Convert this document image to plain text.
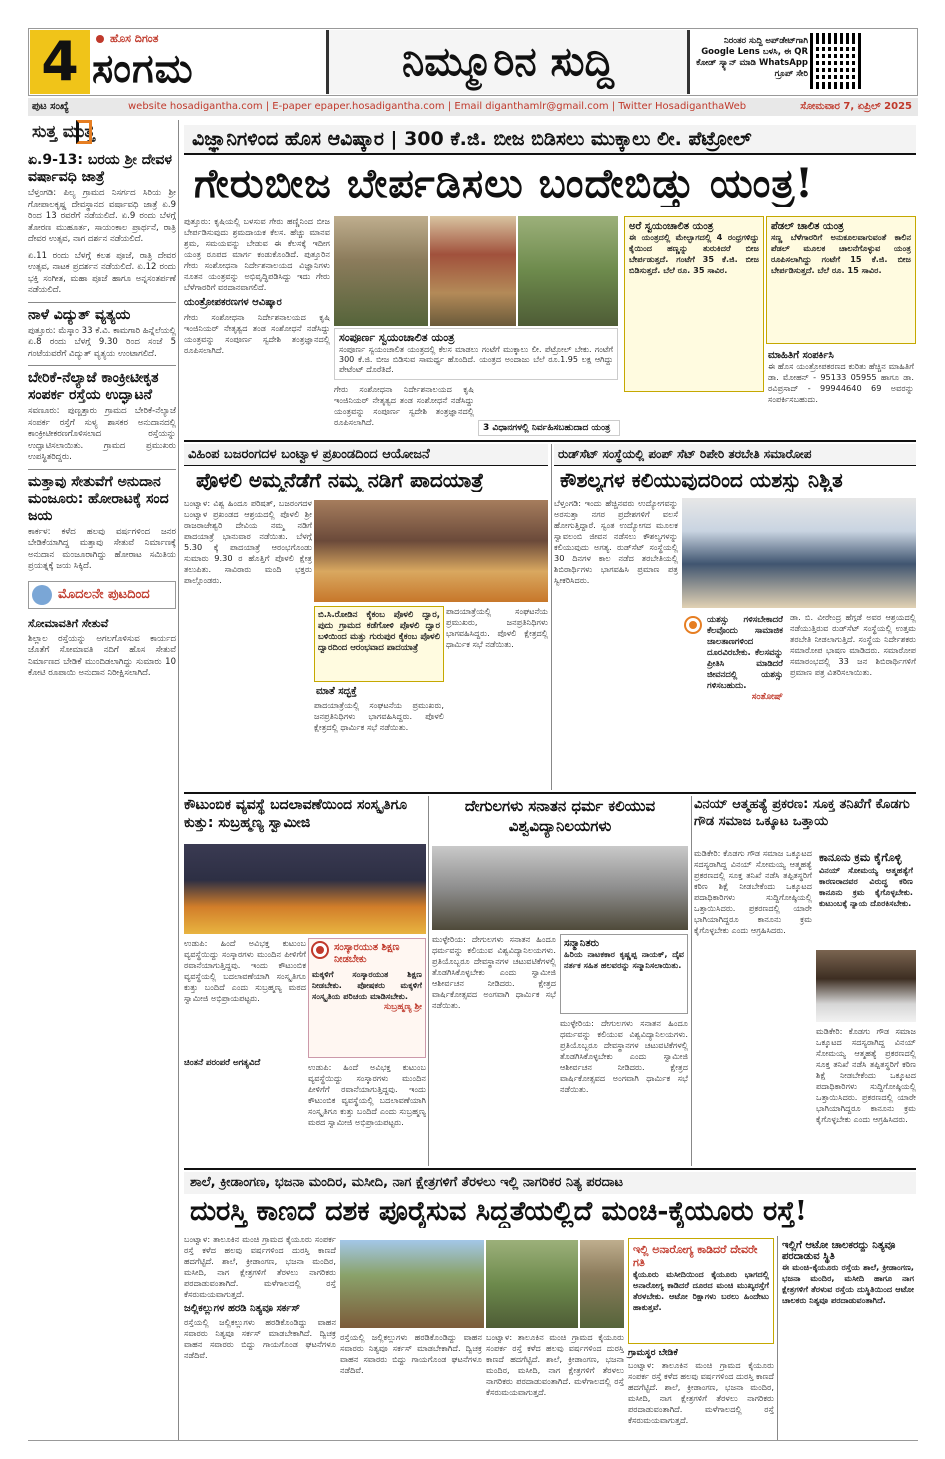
4	ಹೊಸ ದಿಗಂತ
ಸಂಗಮ	ನಿಮ್ಮೂರಿನ ಸುದ್ದಿ	ನಿರಂತರ ಸುದ್ದಿ ಅಪ್‌ಡೇಟ್‌ಗಾಗಿ Google Lens ಬಳಸಿ, ಈ QR ಕೋಡ್ ಸ್ಕ್ಯಾನ್ ಮಾಡಿ WhatsApp ಗ್ರೂಪ್ ಸೇರಿ
ಪುಟ ಸಂಖ್ಯೆ	website hosadigantha.com | E-paper epaper.hosadigantha.com | Email diganthamlr@gmail.com | Twitter HosadiganthaWeb	ಸೋಮವಾರ 7, ಏಪ್ರಿಲ್ 2025
ಸುತ್ತ ಮುತ್ತ
ಏ.9-13: ಬರಯ ಶ್ರೀ ದೇವಳ ವರ್ಷಾವಧಿ ಜಾತ್ರೆ
ಬೆಳ್ತಂಗಡಿ: ಪಿಲ್ಯ ಗ್ರಾಮದ ನಿಸರ್ಗದ ಸಿರಿಯ ಶ್ರೀ ಗೋಪಾಲಕೃಷ್ಣ ದೇವಸ್ಥಾನದ ವರ್ಷಾವಧಿ ಜಾತ್ರೆ ಏ.9 ರಿಂದ 13 ರವರೆಗೆ ನಡೆಯಲಿದೆ. ಏ.9 ರಂದು ಬೆಳಗ್ಗೆ ತೋರಣ ಮುಹೂರ್ತ, ಸಾಯಂಕಾಲ ಪ್ರಾರ್ಥನೆ, ರಾತ್ರಿ ದೇವರ ಉತ್ಸವ, ನಾಗ ದರ್ಶನ ನಡೆಯಲಿದೆ.
ಏ.11 ರಂದು ಬೆಳಗ್ಗೆ ಕಲಶ ಪೂಜೆ, ರಾತ್ರಿ ದೇವರ ಉತ್ಸವ, ನಾಟಕ ಪ್ರದರ್ಶನ ನಡೆಯಲಿದೆ. ಏ.12 ರಂದು ಭಕ್ತಿ ಸಂಗೀತ, ಮಹಾ ಪೂಜೆ ಹಾಗೂ ಅನ್ನಸಂತರ್ಪಣೆ ನಡೆಯಲಿದೆ.
ನಾಳೆ ವಿದ್ಯುತ್ ವ್ಯತ್ಯಯ
ಪುತ್ತೂರು: ಮೆಸ್ಕಾಂ 33 ಕೆ.ವಿ. ಕಾಮಗಾರಿ ಹಿನ್ನೆಲೆಯಲ್ಲಿ ಏ.8 ರಂದು ಬೆಳಗ್ಗೆ 9.30 ರಿಂದ ಸಂಜೆ 5 ಗಂಟೆಯವರೆಗೆ ವಿದ್ಯುತ್ ವ್ಯತ್ಯಯ ಉಂಟಾಗಲಿದೆ.
ಬೇರಿಕೆ-ನೆಲ್ಯಾಜೆ ಕಾಂಕ್ರೀಟೀಕೃತ ಸಂಪರ್ಕ ರಸ್ತೆಯ ಉದ್ಘಾಟನೆ
ಸವಣೂರು: ಪುಣ್ಚತ್ತಾರು ಗ್ರಾಮದ ಬೇರಿಕೆ-ನೆಲ್ಯಾಜೆ ಸಂಪರ್ಕ ರಸ್ತೆಗೆ ಸುಳ್ಯ ಶಾಸಕರ ಅನುದಾನದಲ್ಲಿ ಕಾಂಕ್ರೀಟೀಕರಣಗೊಳಿಸಲಾದ ರಸ್ತೆಯನ್ನು ಉದ್ಘಾಟಿಸಲಾಯಿತು. ಗ್ರಾಮದ ಪ್ರಮುಖರು ಉಪಸ್ಥಿತರಿದ್ದರು.
ಮತ್ತಾವು ಸೇತುವೆಗೆ ಅನುದಾನ ಮಂಜೂರು: ಹೋರಾಟಕ್ಕೆ ಸಂದ ಜಯ
ಕಾರ್ಕಳ: ಕಳೆದ ಹಲವು ವರ್ಷಗಳಿಂದ ಜನರ ಬೇಡಿಕೆಯಾಗಿದ್ದ ಮತ್ತಾವು ಸೇತುವೆ ನಿರ್ಮಾಣಕ್ಕೆ ಅನುದಾನ ಮಂಜೂರಾಗಿದ್ದು ಹೋರಾಟ ಸಮಿತಿಯ ಪ್ರಯತ್ನಕ್ಕೆ ಜಯ ಸಿಕ್ಕಿದೆ.
ಮೊದಲನೇ ಪುಟದಿಂದ
ಸೋಮಾವತಿಗೆ ಸೇತುವೆ
ಶಿಲ್ಲಾಲ ರಸ್ತೆಯನ್ನು ಅಗಲಗೊಳಿಸುವ ಕಾರ್ಯದ ಜೊತೆಗೆ ಸೋಮಾವತಿ ನದಿಗೆ ಹೊಸ ಸೇತುವೆ ನಿರ್ಮಾಣದ ಬೇಡಿಕೆ ಮುಂದಿಡಲಾಗಿದ್ದು ಸುಮಾರು 10 ಕೋಟಿ ರೂಪಾಯಿ ಅನುದಾನ ನಿರೀಕ್ಷಿಸಲಾಗಿದೆ.
ವಿಜ್ಞಾನಿಗಳಿಂದ ಹೊಸ ಆವಿಷ್ಕಾರ | 300 ಕೆ.ಜಿ. ಬೀಜ ಬಿಡಿಸಲು ಮುಕ್ಕಾಲು ಲೀ. ಪೆಟ್ರೋಲ್
ಗೇರುಬೀಜ ಬೇರ್ಪಡಿಸಲು ಬಂದೇಬಿಡ್ತು ಯಂತ್ರ!
ಪುತ್ತೂರು: ಕೃಷಿಯಲ್ಲಿ ಬಳಸುವ ಗೇರು ಹಣ್ಣಿನಿಂದ ಬೀಜ ಬೇರ್ಪಡಿಸುವುದು ಶ್ರಮದಾಯಕ ಕೆಲಸ. ಹೆಚ್ಚು ಮಾನವ ಶ್ರಮ, ಸಮಯವನ್ನು ಬೇಡುವ ಈ ಕೆಲಸಕ್ಕೆ ಇದೀಗ ಯಂತ್ರ ರೂಪದ ಮಾರ್ಗ ಕಂಡುಕೊಂಡಿದೆ. ಪುತ್ತೂರಿನ ಗೇರು ಸಂಶೋಧನಾ ನಿರ್ದೇಶನಾಲಯದ ವಿಜ್ಞಾನಿಗಳು ನೂತನ ಯಂತ್ರವನ್ನು ಅಭಿವೃದ್ಧಿಪಡಿಸಿದ್ದು ಇದು ಗೇರು ಬೆಳೆಗಾರರಿಗೆ ವರದಾನವಾಗಲಿದೆ.
ಯಂತ್ರೋಪಕರಣಗಳ ಆವಿಷ್ಕಾರ
ಗೇರು ಸಂಶೋಧನಾ ನಿರ್ದೇಶನಾಲಯದ ಕೃಷಿ ಇಂಜಿನಿಯರ್ ನೇತೃತ್ವದ ತಂಡ ಸಂಶೋಧನೆ ನಡೆಸಿದ್ದು ಯಂತ್ರವನ್ನು ಸಂಪೂರ್ಣ ಸ್ವದೇಶಿ ತಂತ್ರಜ್ಞಾನದಲ್ಲಿ ರೂಪಿಸಲಾಗಿದೆ.
ಸಂಪೂರ್ಣ ಸ್ವಯಂಚಾಲಿತ ಯಂತ್ರ
ಸಂಪೂರ್ಣ ಸ್ವಯಂಚಾಲಿತ ಯಂತ್ರದಲ್ಲಿ ಕೆಲಸ ಮಾಡಲು ಗಂಟೆಗೆ ಮುಕ್ಕಾಲು ಲೀ. ಪೆಟ್ರೋಲ್ ಬೇಕು. ಗಂಟೆಗೆ 300 ಕೆ.ಜಿ. ಬೀಜ ಬಿಡಿಸುವ ಸಾಮರ್ಥ್ಯ ಹೊಂದಿದೆ. ಯಂತ್ರದ ಅಂದಾಜು ಬೆಲೆ ರೂ.1.95 ಲಕ್ಷ ಆಗಿದ್ದು ಪೇಟೆಂಟ್ ದೊರೆತಿದೆ.
ಗೇರು ಸಂಶೋಧನಾ ನಿರ್ದೇಶನಾಲಯದ ಕೃಷಿ ಇಂಜಿನಿಯರ್ ನೇತೃತ್ವದ ತಂಡ ಸಂಶೋಧನೆ ನಡೆಸಿದ್ದು ಯಂತ್ರವನ್ನು ಸಂಪೂರ್ಣ ಸ್ವದೇಶಿ ತಂತ್ರಜ್ಞಾನದಲ್ಲಿ ರೂಪಿಸಲಾಗಿದೆ.
3 ವಿಧಾನಗಳಲ್ಲಿ ನಿರ್ವಹಿಸಬಹುದಾದ ಯಂತ್ರ
ಅರೆ ಸ್ವಯಂಚಾಲಿತ ಯಂತ್ರ
ಈ ಯಂತ್ರದಲ್ಲಿ ಮೇಲ್ಭಾಗದಲ್ಲಿ 4 ರಂಧ್ರಗಳಿದ್ದು ಕೈಯಿಂದ ಹಣ್ಣನ್ನು ತುರುಕಿದರೆ ಬೀಜ ಬೇರ್ಪಡುತ್ತದೆ. ಗಂಟೆಗೆ 35 ಕೆ.ಜಿ. ಬೀಜ ಬಿಡಿಸುತ್ತದೆ. ಬೆಲೆ ರೂ. 35 ಸಾವಿರ.
ಪೆಡಲ್ ಚಾಲಿತ ಯಂತ್ರ
ಸಣ್ಣ ಬೆಳೆಗಾರರಿಗೆ ಅನುಕೂಲವಾಗುವಂತೆ ಕಾಲಿನ ಪೆಡಲ್ ಮೂಲಕ ಚಾಲನೆಗೊಳ್ಳುವ ಯಂತ್ರ ರೂಪಿಸಲಾಗಿದ್ದು ಗಂಟೆಗೆ 15 ಕೆ.ಜಿ. ಬೀಜ ಬೇರ್ಪಡಿಸುತ್ತದೆ. ಬೆಲೆ ರೂ. 15 ಸಾವಿರ.
ಮಾಹಿತಿಗೆ ಸಂಪರ್ಕಿಸಿ
ಈ ಹೊಸ ಯಂತ್ರೋಪಕರಣದ ಕುರಿತು ಹೆಚ್ಚಿನ ಮಾಹಿತಿಗೆ ಡಾ. ಮೋಹನ್ - 95133 05955 ಹಾಗೂ ಡಾ. ರವಿಪ್ರಸಾದ್ - 99944640 69 ಅವರನ್ನು ಸಂಪರ್ಕಿಸಬಹುದು.
ವಿಹಿಂಪ ಬಜರಂಗದಳ ಬಂಟ್ವಾಳ ಪ್ರಖಂಡದಿಂದ ಆಯೋಜನೆ
ಪೊಳಲಿ ಅಮ್ಮನೆಡೆಗೆ ನಮ್ಮ ನಡಿಗೆ ಪಾದಯಾತ್ರೆ
ಬಂಟ್ವಾಳ: ವಿಶ್ವ ಹಿಂದೂ ಪರಿಷತ್, ಬಜರಂಗದಳ ಬಂಟ್ವಾಳ ಪ್ರಖಂಡದ ಆಶ್ರಯದಲ್ಲಿ ಪೊಳಲಿ ಶ್ರೀ ರಾಜರಾಜೇಶ್ವರಿ ದೇವಿಯ ನಮ್ಮ ನಡಿಗೆ ಪಾದಯಾತ್ರೆ ಭಾನುವಾರ ನಡೆಯಿತು. ಬೆಳಗ್ಗೆ 5.30 ಕ್ಕೆ ಪಾದಯಾತ್ರೆ ಆರಂಭಗೊಂಡು ಸುಮಾರು 9.30 ರ ಹೊತ್ತಿಗೆ ಪೊಳಲಿ ಕ್ಷೇತ್ರ ತಲುಪಿತು. ಸಾವಿರಾರು ಮಂದಿ ಭಕ್ತರು ಪಾಲ್ಗೊಂಡರು.
ಬಿ.ಸಿ.ರೋಡಿನ ಕೈಕಂಬ ಪೊಳಲಿ ದ್ವಾರ, ಪುದು ಗ್ರಾಮದ ಕಡೆಗೋಳಿ ಪೊಳಲಿ ದ್ವಾರ ಬಳಿಯಿಂದ ಮತ್ತು ಗುರುಪುರ ಕೈಕಂಬ ಪೊಳಲಿ ದ್ವಾರದಿಂದ ಆರಂಭವಾದ ಪಾದಯಾತ್ರೆ
ಪಾದಯಾತ್ರೆಯಲ್ಲಿ ಸಂಘಟನೆಯ ಪ್ರಮುಖರು, ಜನಪ್ರತಿನಿಧಿಗಳು ಭಾಗವಹಿಸಿದ್ದರು. ಪೊಳಲಿ ಕ್ಷೇತ್ರದಲ್ಲಿ ಧಾರ್ಮಿಕ ಸಭೆ ನಡೆಯಿತು.
ಮಾತೆ ಸದ್ಭಕ್ತೆ
ಪಾದಯಾತ್ರೆಯಲ್ಲಿ ಸಂಘಟನೆಯ ಪ್ರಮುಖರು, ಜನಪ್ರತಿನಿಧಿಗಳು ಭಾಗವಹಿಸಿದ್ದರು. ಪೊಳಲಿ ಕ್ಷೇತ್ರದಲ್ಲಿ ಧಾರ್ಮಿಕ ಸಭೆ ನಡೆಯಿತು.
ರುಡ್‌ಸೆಟ್ ಸಂಸ್ಥೆಯಲ್ಲಿ ಪಂಪ್ ಸೆಟ್ ರಿಪೇರಿ ತರಬೇತಿ ಸಮಾರೋಪ
ಕೌಶಲ್ಯಗಳ ಕಲಿಯುವುದರಿಂದ ಯಶಸ್ಸು ನಿಶ್ಚಿತ
ಬೆಳ್ತಂಗಡಿ: ಇಂದು ಹೆಚ್ಚಿನವರು ಉದ್ಯೋಗವನ್ನು ಅರಸುತ್ತಾ ನಗರ ಪ್ರದೇಶಗಳಿಗೆ ವಲಸೆ ಹೋಗುತ್ತಿದ್ದಾರೆ. ಸ್ವಂತ ಉದ್ಯೋಗದ ಮೂಲಕ ಸ್ವಾವಲಂಬಿ ಜೀವನ ನಡೆಸಲು ಕೌಶಲ್ಯಗಳನ್ನು ಕಲಿಯುವುದು ಅಗತ್ಯ. ರುಡ್‌ಸೆಟ್ ಸಂಸ್ಥೆಯಲ್ಲಿ 30 ದಿನಗಳ ಕಾಲ ನಡೆದ ತರಬೇತಿಯಲ್ಲಿ ಶಿಬಿರಾರ್ಥಿಗಳು ಭಾಗವಹಿಸಿ ಪ್ರಮಾಣ ಪತ್ರ ಸ್ವೀಕರಿಸಿದರು.
ಯಶಸ್ಸು ಗಳಿಸಬೇಕಾದರೆ ಕೆಲವೊಂದು ಸಾಮಾಜಿಕ ಜಾಲತಾಣಗಳಿಂದ ದೂರವಿರಬೇಕು. ಕೆಲಸವನ್ನು ಪ್ರೀತಿಸಿ ಮಾಡಿದರೆ ಜೀವನದಲ್ಲಿ ಯಶಸ್ಸು ಗಳಿಸಬಹುದು.
ಸಂತೋಷ್
ಡಾ. ಬಿ. ವೀರೇಂದ್ರ ಹೆಗ್ಗಡೆ ಅವರ ಆಶ್ರಯದಲ್ಲಿ ನಡೆಯುತ್ತಿರುವ ರುಡ್‌ಸೆಟ್ ಸಂಸ್ಥೆಯಲ್ಲಿ ಉತ್ತಮ ತರಬೇತಿ ನೀಡಲಾಗುತ್ತಿದೆ. ಸಂಸ್ಥೆಯ ನಿರ್ದೇಶಕರು ಸಮಾರೋಪ ಭಾಷಣ ಮಾಡಿದರು. ಸಮಾರೋಪ ಸಮಾರಂಭದಲ್ಲಿ 33 ಜನ ಶಿಬಿರಾರ್ಥಿಗಳಿಗೆ ಪ್ರಮಾಣ ಪತ್ರ ವಿತರಿಸಲಾಯಿತು.
ಕೌಟುಂಬಿಕ ವ್ಯವಸ್ಥೆ ಬದಲಾವಣೆಯಿಂದ ಸಂಸ್ಕೃತಿಗೂ ಕುತ್ತು: ಸುಬ್ರಹ್ಮಣ್ಯ ಸ್ವಾಮೀಜಿ
ಉಡುಪಿ: ಹಿಂದೆ ಅವಿಭಕ್ತ ಕುಟುಂಬ ವ್ಯವಸ್ಥೆಯಿದ್ದು ಸಂಸ್ಕಾರಗಳು ಮುಂದಿನ ಪೀಳಿಗೆಗೆ ರವಾನೆಯಾಗುತ್ತಿದ್ದವು. ಇಂದು ಕೌಟುಂಬಿಕ ವ್ಯವಸ್ಥೆಯಲ್ಲಿ ಬದಲಾವಣೆಯಾಗಿ ಸಂಸ್ಕೃತಿಗೂ ಕುತ್ತು ಬಂದಿದೆ ಎಂದು ಸುಬ್ರಹ್ಮಣ್ಯ ಮಠದ ಸ್ವಾಮೀಜಿ ಅಭಿಪ್ರಾಯಪಟ್ಟರು.
ಸಂಸ್ಕಾರಯುತ ಶಿಕ್ಷಣ ನೀಡಬೇಕು
ಮಕ್ಕಳಿಗೆ ಸಂಸ್ಕಾರಯುತ ಶಿಕ್ಷಣ ನೀಡಬೇಕು. ಪೋಷಕರು ಮಕ್ಕಳಿಗೆ ಸಂಸ್ಕೃತಿಯ ಪರಿಚಯ ಮಾಡಿಸಬೇಕು.
ಸುಬ್ರಹ್ಮಣ್ಯ ಶ್ರೀ
ಚಿಂತನೆ ಪರಂಪರೆ ಅಗತ್ಯವಿದೆ	ಉಡುಪಿ: ಹಿಂದೆ ಅವಿಭಕ್ತ ಕುಟುಂಬ ವ್ಯವಸ್ಥೆಯಿದ್ದು ಸಂಸ್ಕಾರಗಳು ಮುಂದಿನ ಪೀಳಿಗೆಗೆ ರವಾನೆಯಾಗುತ್ತಿದ್ದವು. ಇಂದು ಕೌಟುಂಬಿಕ ವ್ಯವಸ್ಥೆಯಲ್ಲಿ ಬದಲಾವಣೆಯಾಗಿ ಸಂಸ್ಕೃತಿಗೂ ಕುತ್ತು ಬಂದಿದೆ ಎಂದು ಸುಬ್ರಹ್ಮಣ್ಯ ಮಠದ ಸ್ವಾಮೀಜಿ ಅಭಿಪ್ರಾಯಪಟ್ಟರು.
ದೇಗುಲಗಳು ಸನಾತನ ಧರ್ಮ ಕಲಿಯುವ ವಿಶ್ವವಿದ್ಯಾನಿಲಯಗಳು
ಮುಳ್ಳೇರಿಯ: ದೇಗುಲಗಳು ಸನಾತನ ಹಿಂದೂ ಧರ್ಮವನ್ನು ಕಲಿಯುವ ವಿಶ್ವವಿದ್ಯಾನಿಲಯಗಳು. ಪ್ರತಿಯೊಬ್ಬರೂ ದೇವಸ್ಥಾನಗಳ ಚಟುವಟಿಕೆಗಳಲ್ಲಿ ತೊಡಗಿಸಿಕೊಳ್ಳಬೇಕು ಎಂದು ಸ್ವಾಮೀಜಿ ಆಶೀರ್ವಚನ ನೀಡಿದರು. ಕ್ಷೇತ್ರದ ವಾರ್ಷಿಕೋತ್ಸವದ ಅಂಗವಾಗಿ ಧಾರ್ಮಿಕ ಸಭೆ ನಡೆಯಿತು.
ಸನ್ಮಾನಿತರು
ಹಿರಿಯ ನಾಟಕಕಾರ ಕೃಷ್ಣಪ್ಪ ನಾಯಕ್, ದೈವ ನರ್ತಕ ಸಹಿತ ಹಲವರನ್ನು ಸನ್ಮಾನಿಸಲಾಯಿತು.
ಮುಳ್ಳೇರಿಯ: ದೇಗುಲಗಳು ಸನಾತನ ಹಿಂದೂ ಧರ್ಮವನ್ನು ಕಲಿಯುವ ವಿಶ್ವವಿದ್ಯಾನಿಲಯಗಳು. ಪ್ರತಿಯೊಬ್ಬರೂ ದೇವಸ್ಥಾನಗಳ ಚಟುವಟಿಕೆಗಳಲ್ಲಿ ತೊಡಗಿಸಿಕೊಳ್ಳಬೇಕು ಎಂದು ಸ್ವಾಮೀಜಿ ಆಶೀರ್ವಚನ ನೀಡಿದರು. ಕ್ಷೇತ್ರದ ವಾರ್ಷಿಕೋತ್ಸವದ ಅಂಗವಾಗಿ ಧಾರ್ಮಿಕ ಸಭೆ ನಡೆಯಿತು.
ವಿನಯ್ ಆತ್ಮಹತ್ಯೆ ಪ್ರಕರಣ: ಸೂಕ್ತ ತನಿಖೆಗೆ ಕೊಡಗು ಗೌಡ ಸಮಾಜ ಒಕ್ಕೂಟ ಒತ್ತಾಯ
ಮಡಿಕೇರಿ: ಕೊಡಗು ಗೌಡ ಸಮಾಜ ಒಕ್ಕೂಟದ ಸದಸ್ಯರಾಗಿದ್ದ ವಿನಯ್ ಸೋಮಯ್ಯ ಆತ್ಮಹತ್ಯೆ ಪ್ರಕರಣದಲ್ಲಿ ಸೂಕ್ತ ತನಿಖೆ ನಡೆಸಿ ತಪ್ಪಿತಸ್ಥರಿಗೆ ಕಠಿಣ ಶಿಕ್ಷೆ ನೀಡಬೇಕೆಂದು ಒಕ್ಕೂಟದ ಪದಾಧಿಕಾರಿಗಳು ಸುದ್ದಿಗೋಷ್ಠಿಯಲ್ಲಿ ಒತ್ತಾಯಿಸಿದರು. ಪ್ರಕರಣದಲ್ಲಿ ಯಾರೇ ಭಾಗಿಯಾಗಿದ್ದರೂ ಕಾನೂನು ಕ್ರಮ ಕೈಗೊಳ್ಳಬೇಕು ಎಂದು ಆಗ್ರಹಿಸಿದರು.
ಕಾನೂನು ಕ್ರಮ ಕೈಗೊಳ್ಳಿ
ವಿನಯ್ ಸೋಮಯ್ಯ ಆತ್ಮಹತ್ಯೆಗೆ ಕಾರಣರಾದವರ ವಿರುದ್ಧ ಕಠಿಣ ಕಾನೂನು ಕ್ರಮ ಕೈಗೊಳ್ಳಬೇಕು. ಕುಟುಂಬಕ್ಕೆ ನ್ಯಾಯ ದೊರಕಿಸಬೇಕು.
ಮಡಿಕೇರಿ: ಕೊಡಗು ಗೌಡ ಸಮಾಜ ಒಕ್ಕೂಟದ ಸದಸ್ಯರಾಗಿದ್ದ ವಿನಯ್ ಸೋಮಯ್ಯ ಆತ್ಮಹತ್ಯೆ ಪ್ರಕರಣದಲ್ಲಿ ಸೂಕ್ತ ತನಿಖೆ ನಡೆಸಿ ತಪ್ಪಿತಸ್ಥರಿಗೆ ಕಠಿಣ ಶಿಕ್ಷೆ ನೀಡಬೇಕೆಂದು ಒಕ್ಕೂಟದ ಪದಾಧಿಕಾರಿಗಳು ಸುದ್ದಿಗೋಷ್ಠಿಯಲ್ಲಿ ಒತ್ತಾಯಿಸಿದರು. ಪ್ರಕರಣದಲ್ಲಿ ಯಾರೇ ಭಾಗಿಯಾಗಿದ್ದರೂ ಕಾನೂನು ಕ್ರಮ ಕೈಗೊಳ್ಳಬೇಕು ಎಂದು ಆಗ್ರಹಿಸಿದರು.
ಶಾಲೆ, ಕ್ರೀಡಾಂಗಣ, ಭಜನಾ ಮಂದಿರ, ಮಸೀದಿ, ನಾಗ ಕ್ಷೇತ್ರಗಳಿಗೆ ತೆರಳಲು ಇಲ್ಲಿ ನಾಗರಿಕರ ನಿತ್ಯ ಪರದಾಟ
ದುರಸ್ತಿ ಕಾಣದೆ ದಶಕ ಪೂರೈಸುವ ಸಿದ್ಧತೆಯಲ್ಲಿದೆ ಮಂಚಿ-ಕೈಯೂರು ರಸ್ತೆ!
ಬಂಟ್ವಾಳ: ತಾಲೂಕಿನ ಮಂಚಿ ಗ್ರಾಮದ ಕೈಯೂರು ಸಂಪರ್ಕ ರಸ್ತೆ ಕಳೆದ ಹಲವು ವರ್ಷಗಳಿಂದ ದುರಸ್ತಿ ಕಾಣದೆ ಹದಗೆಟ್ಟಿದೆ. ಶಾಲೆ, ಕ್ರೀಡಾಂಗಣ, ಭಜನಾ ಮಂದಿರ, ಮಸೀದಿ, ನಾಗ ಕ್ಷೇತ್ರಗಳಿಗೆ ತೆರಳಲು ನಾಗರಿಕರು ಪರದಾಡುವಂತಾಗಿದೆ. ಮಳೆಗಾಲದಲ್ಲಿ ರಸ್ತೆ ಕೆಸರುಮಯವಾಗುತ್ತದೆ.
ಜಲ್ಲಿಕಲ್ಲುಗಳ ಹರಡಿ ನಿತ್ಯವೂ ಸರ್ಕಸ್
ರಸ್ತೆಯಲ್ಲಿ ಜಲ್ಲಿಕಲ್ಲುಗಳು ಹರಡಿಕೊಂಡಿದ್ದು ವಾಹನ ಸವಾರರು ನಿತ್ಯವೂ ಸರ್ಕಸ್ ಮಾಡಬೇಕಾಗಿದೆ. ದ್ವಿಚಕ್ರ ವಾಹನ ಸವಾರರು ಬಿದ್ದು ಗಾಯಗೊಂಡ ಘಟನೆಗಳೂ ನಡೆದಿವೆ.
ರಸ್ತೆಯಲ್ಲಿ ಜಲ್ಲಿಕಲ್ಲುಗಳು ಹರಡಿಕೊಂಡಿದ್ದು ವಾಹನ ಸವಾರರು ನಿತ್ಯವೂ ಸರ್ಕಸ್ ಮಾಡಬೇಕಾಗಿದೆ. ದ್ವಿಚಕ್ರ ವಾಹನ ಸವಾರರು ಬಿದ್ದು ಗಾಯಗೊಂಡ ಘಟನೆಗಳೂ ನಡೆದಿವೆ.
ಬಂಟ್ವಾಳ: ತಾಲೂಕಿನ ಮಂಚಿ ಗ್ರಾಮದ ಕೈಯೂರು ಸಂಪರ್ಕ ರಸ್ತೆ ಕಳೆದ ಹಲವು ವರ್ಷಗಳಿಂದ ದುರಸ್ತಿ ಕಾಣದೆ ಹದಗೆಟ್ಟಿದೆ. ಶಾಲೆ, ಕ್ರೀಡಾಂಗಣ, ಭಜನಾ ಮಂದಿರ, ಮಸೀದಿ, ನಾಗ ಕ್ಷೇತ್ರಗಳಿಗೆ ತೆರಳಲು ನಾಗರಿಕರು ಪರದಾಡುವಂತಾಗಿದೆ. ಮಳೆಗಾಲದಲ್ಲಿ ರಸ್ತೆ ಕೆಸರುಮಯವಾಗುತ್ತದೆ.
ಇಲ್ಲಿ ಅನಾರೋಗ್ಯ ಕಾಡಿದರೆ ದೇವರೇ ಗತಿ
ಕೈಯೂರು ಮಸೀದಿಯಿಂದ ಕೈಯೂರು ಭಾಗದಲ್ಲಿ ಅನಾರೋಗ್ಯ ಕಾಡಿದರೆ ದೂರದ ಮಂಚಿ ಮುಖ್ಯರಸ್ತೆಗೆ ತೆರಳಬೇಕು. ಆಟೋ ರಿಕ್ಷಾಗಳು ಬರಲು ಹಿಂದೇಟು ಹಾಕುತ್ತವೆ.
ಗ್ರಾಮಸ್ಥರ ಬೇಡಿಕೆ
ಬಂಟ್ವಾಳ: ತಾಲೂಕಿನ ಮಂಚಿ ಗ್ರಾಮದ ಕೈಯೂರು ಸಂಪರ್ಕ ರಸ್ತೆ ಕಳೆದ ಹಲವು ವರ್ಷಗಳಿಂದ ದುರಸ್ತಿ ಕಾಣದೆ ಹದಗೆಟ್ಟಿದೆ. ಶಾಲೆ, ಕ್ರೀಡಾಂಗಣ, ಭಜನಾ ಮಂದಿರ, ಮಸೀದಿ, ನಾಗ ಕ್ಷೇತ್ರಗಳಿಗೆ ತೆರಳಲು ನಾಗರಿಕರು ಪರದಾಡುವಂತಾಗಿದೆ. ಮಳೆಗಾಲದಲ್ಲಿ ರಸ್ತೆ ಕೆಸರುಮಯವಾಗುತ್ತದೆ.
ಇಲ್ಲಿಗೆ ಆಟೋ ಚಾಲಕರದ್ದು ನಿತ್ಯವೂ ಪರದಾಡುವ ಸ್ಥಿತಿ
ಈ ಮಂಚಿ-ಕೈಯೂರು ರಸ್ತೆಯ ಶಾಲೆ, ಕ್ರೀಡಾಂಗಣ, ಭಜನಾ ಮಂದಿರ, ಮಸೀದಿ ಹಾಗೂ ನಾಗ ಕ್ಷೇತ್ರಗಳಿಗೆ ತೆರಳುವ ರಸ್ತೆಯ ದುಸ್ಥಿತಿಯಿಂದ ಆಟೋ ಚಾಲಕರು ನಿತ್ಯವೂ ಪರದಾಡುವಂತಾಗಿದೆ.
